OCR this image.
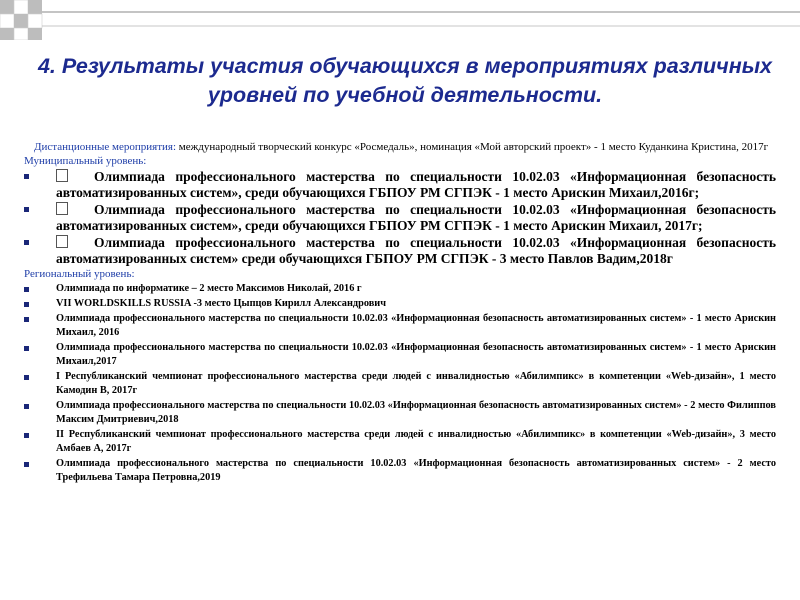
4. Результаты участия обучающихся в мероприятиях различных уровней по учебной деятельности.

Дистанционные мероприятия: международный творческий конкурс «Росмедаль», номинация «Мой авторский проект» - 1 место Куданкина Кристина, 2017г

Муниципальный уровень:

Олимпиада профессионального мастерства по специальности 10.02.03 «Информационная безопасность автоматизированных систем», среди обучающихся ГБПОУ РМ СГПЭК - 1 место Арискин Михаил,2016г;
Олимпиада профессионального мастерства по специальности 10.02.03 «Информационная безопасность автоматизированных систем», среди обучающихся ГБПОУ РМ СГПЭК - 1 место Арискин Михаил, 2017г;
Олимпиада профессионального мастерства по специальности 10.02.03 «Информационная безопасность автоматизированных систем» среди обучающихся ГБПОУ РМ СГПЭК - 3 место Павлов Вадим,2018г

Региональный уровень:

Олимпиада по информатике – 2 место Максимов Николай, 2016 г
VII WORLDSKILLS RUSSIA -3 место Цыпцов Кирилл Александрович
Олимпиада профессионального мастерства по специальности 10.02.03 «Информационная безопасность автоматизированных систем» - 1 место Арискин Михаил, 2016
Олимпиада профессионального мастерства по специальности 10.02.03 «Информационная безопасность автоматизированных систем» - 1 место Арискин Михаил,2017
I Республиканский чемпионат профессионального мастерства среди людей с инвалидностью «Абилимпикс» в компетенции «Web-дизайн», 1 место Камодин В, 2017г
Олимпиада профессионального мастерства по специальности 10.02.03 «Информационная безопасность автоматизированных систем» - 2 место Филиппов Максим Дмитриевич,2018
II Республиканский чемпионат профессионального мастерства среди людей с инвалидностью «Абилимпикс» в компетенции «Web-дизайн», 3 место Амбаев А, 2017г
Олимпиада профессионального мастерства по специальности 10.02.03 «Информационная безопасность автоматизированных систем» - 2 место Трефильева Тамара Петровна,2019
